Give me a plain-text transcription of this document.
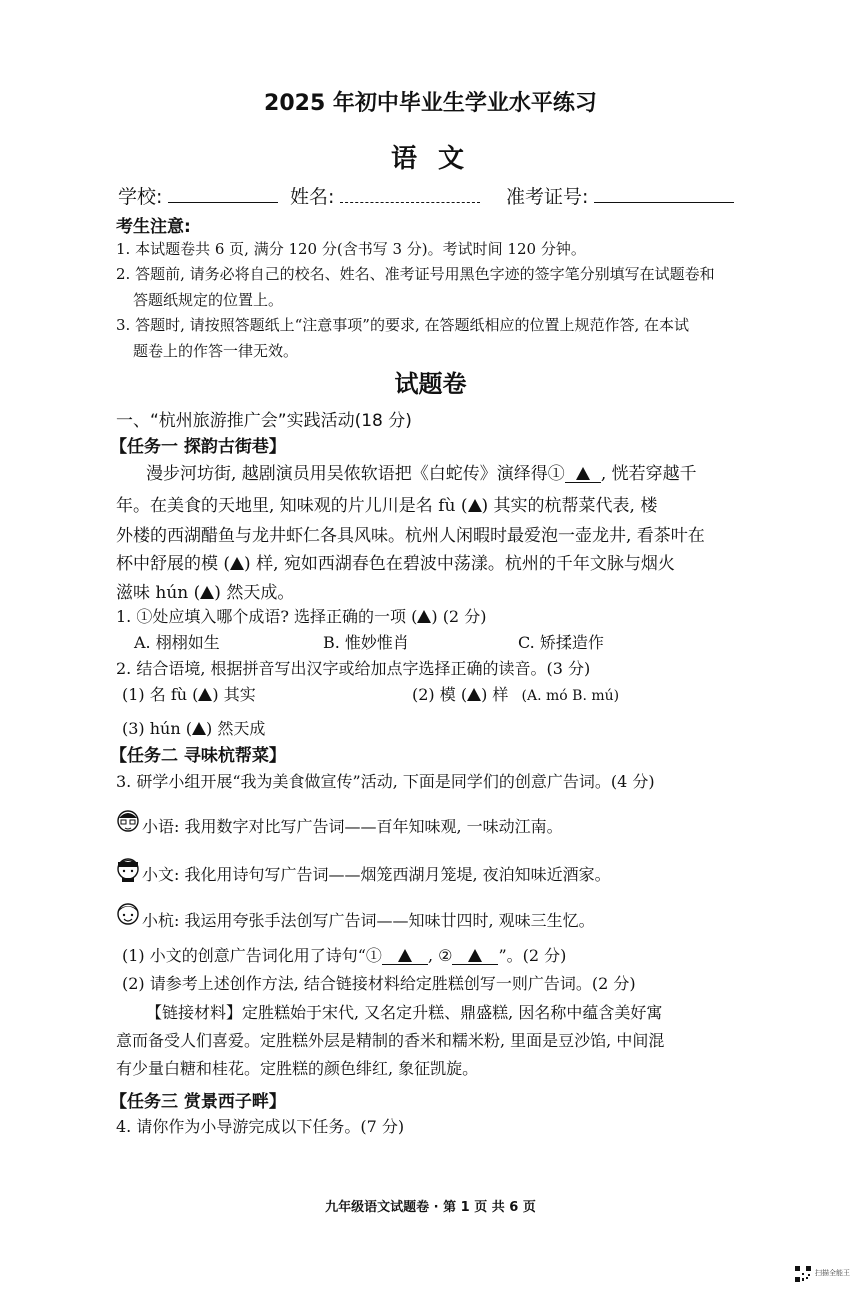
2025 年初中毕业生学业水平练习
语 文
学校:	姓名:	准考证号:
考生注意:
1. 本试题卷共 6 页, 满分 120 分(含书写 3 分)。考试时间 120 分钟。
2. 答题前, 请务必将自己的校名、姓名、准考证号用黑色字迹的签字笔分别填写在试题卷和
答题纸规定的位置上。
3. 答题时, 请按照答题纸上“注意事项”的要求, 在答题纸相应的位置上规范作答, 在本试
题卷上的作答一律无效。
试题卷
一、“杭州旅游推广会”实践活动(18 分)
【任务一 探韵古街巷】
漫步河坊街, 越剧演员用吴侬软语把《白蛇传》演绎得① , 恍若穿越千
年。在美食的天地里, 知味观的片儿川是名 fù ( ) 其实的杭帮菜代表, 楼
外楼的西湖醋鱼与龙井虾仁各具风味。杭州人闲暇时最爱泡一壶龙井, 看茶叶在
杯中舒展的模 ( ) 样, 宛如西湖春色在碧波中荡漾。杭州的千年文脉与烟火
滋味 hún ( ) 然天成。
1. ①处应填入哪个成语? 选择正确的一项 ( ) (2 分)
A. 栩栩如生	B. 惟妙惟肖	C. 矫揉造作
2. 结合语境, 根据拼音写出汉字或给加点字选择正确的读音。(3 分)
(1) 名 fù ( ) 其实	(2) 模 ( ) 样 (A. mó B. mú)
(3) hún ( ) 然天成
【任务二 寻味杭帮菜】
3. 研学小组开展“我为美食做宣传”活动, 下面是同学们的创意广告词。(4 分)
小语: 我用数字对比写广告词——百年知味观, 一味动江南。
小文: 我化用诗句写广告词——烟笼西湖月笼堤, 夜泊知味近酒家。
小杭: 我运用夸张手法创写广告词——知味廿四时, 观味三生忆。
(1) 小文的创意广告词化用了诗句“①	, ②	”。(2 分)
(2) 请参考上述创作方法, 结合链接材料给定胜糕创写一则广告词。(2 分)
【链接材料】定胜糕始于宋代, 又名定升糕、鼎盛糕, 因名称中蕴含美好寓
意而备受人们喜爱。定胜糕外层是精制的香米和糯米粉, 里面是豆沙馅, 中间混
有少量白糖和桂花。定胜糕的颜色绯红, 象征凯旋。
【任务三 赏景西子畔】
4. 请你作为小导游完成以下任务。(7 分)
九年级语文试题卷 · 第 1 页 共 6 页
扫描全能王
